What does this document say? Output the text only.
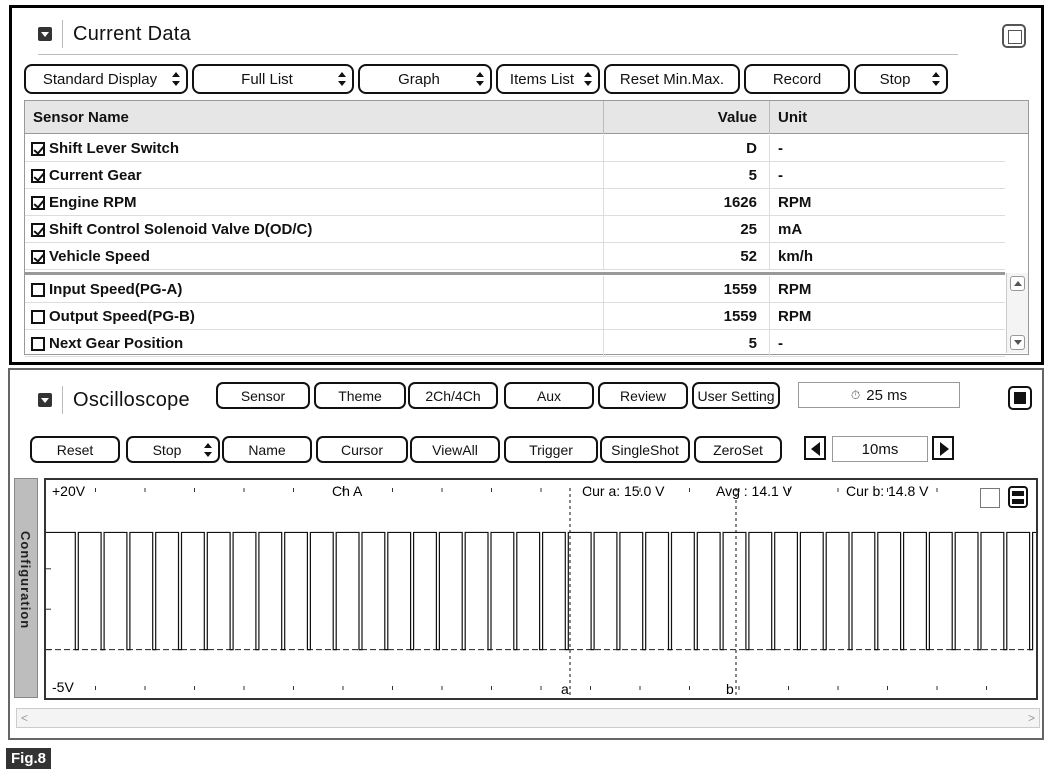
Current Data
Standard Display	Full List	Graph	Items List	Reset Min.Max.	Record	Stop
Sensor Name	Value	Unit
Shift Lever Switch	D	-
Current Gear	5	-
Engine RPM	1626	RPM
Shift Control Solenoid Valve D(OD/C)	25	mA
Vehicle Speed	52	km/h
Input Speed(PG-A)	1559	RPM
Output Speed(PG-B)	1559	RPM
Next Gear Position	5	-
Oscilloscope	Sensor	Theme	2Ch/4Ch	Aux	Review	User Setting	⏱ 25 ms
Reset	Stop	Name	Cursor	ViewAll	Trigger	SingleShot	ZeroSet	10ms
Configuration
+20V
-5V
Ch A	Cur a: 15.0 V	Avg : 14.1 V	Cur b: 14.8 V
a	b
<	>
Fig.8
